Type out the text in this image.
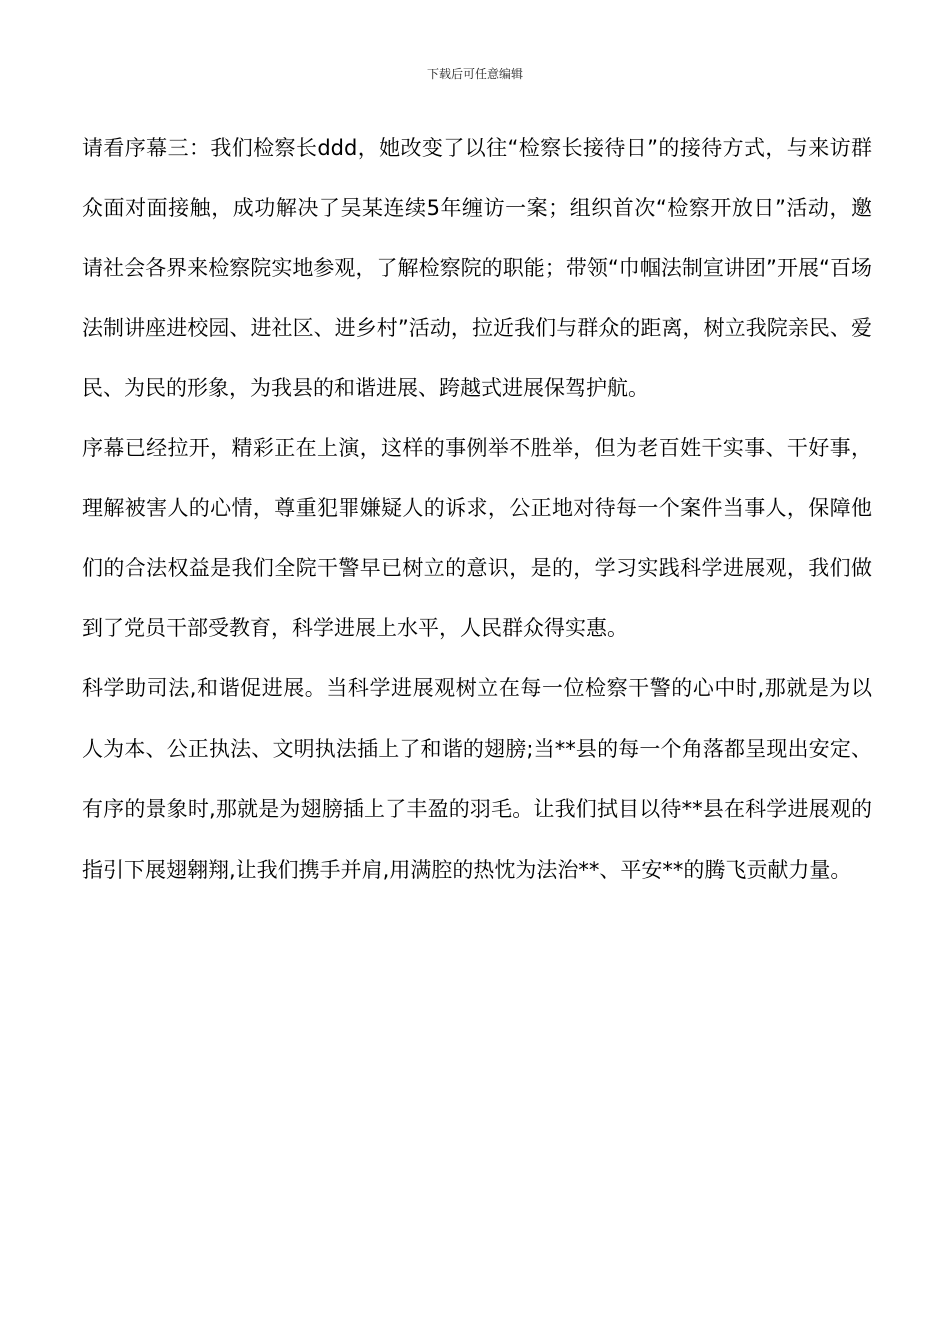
下载后可任意编辑

请看序幕三：我们检察长ddd，她改变了以往“检察长接待日”的接待方式，与来访群众面对面接触，成功解决了吴某连续5年缠访一案；组织首次“检察开放日”活动，邀请社会各界来检察院实地参观，了解检察院的职能；带领“巾帼法制宣讲团”开展“百场法制讲座进校园、进社区、进乡村”活动，拉近我们与群众的距离，树立我院亲民、爱民、为民的形象，为我县的和谐进展、跨越式进展保驾护航。

序幕已经拉开，精彩正在上演，这样的事例举不胜举，但为老百姓干实事、干好事，理解被害人的心情，尊重犯罪嫌疑人的诉求，公正地对待每一个案件当事人，保障他们的合法权益是我们全院干警早已树立的意识，是的，学习实践科学进展观，我们做到了党员干部受教育，科学进展上水平，人民群众得实惠。

科学助司法,和谐促进展。当科学进展观树立在每一位检察干警的心中时,那就是为以人为本、公正执法、文明执法插上了和谐的翅膀;当**县的每一个角落都呈现出安定、有序的景象时,那就是为翅膀插上了丰盈的羽毛。让我们拭目以待**县在科学进展观的指引下展翅翱翔,让我们携手并肩,用满腔的热忱为法治**、平安**的腾飞贡献力量。
